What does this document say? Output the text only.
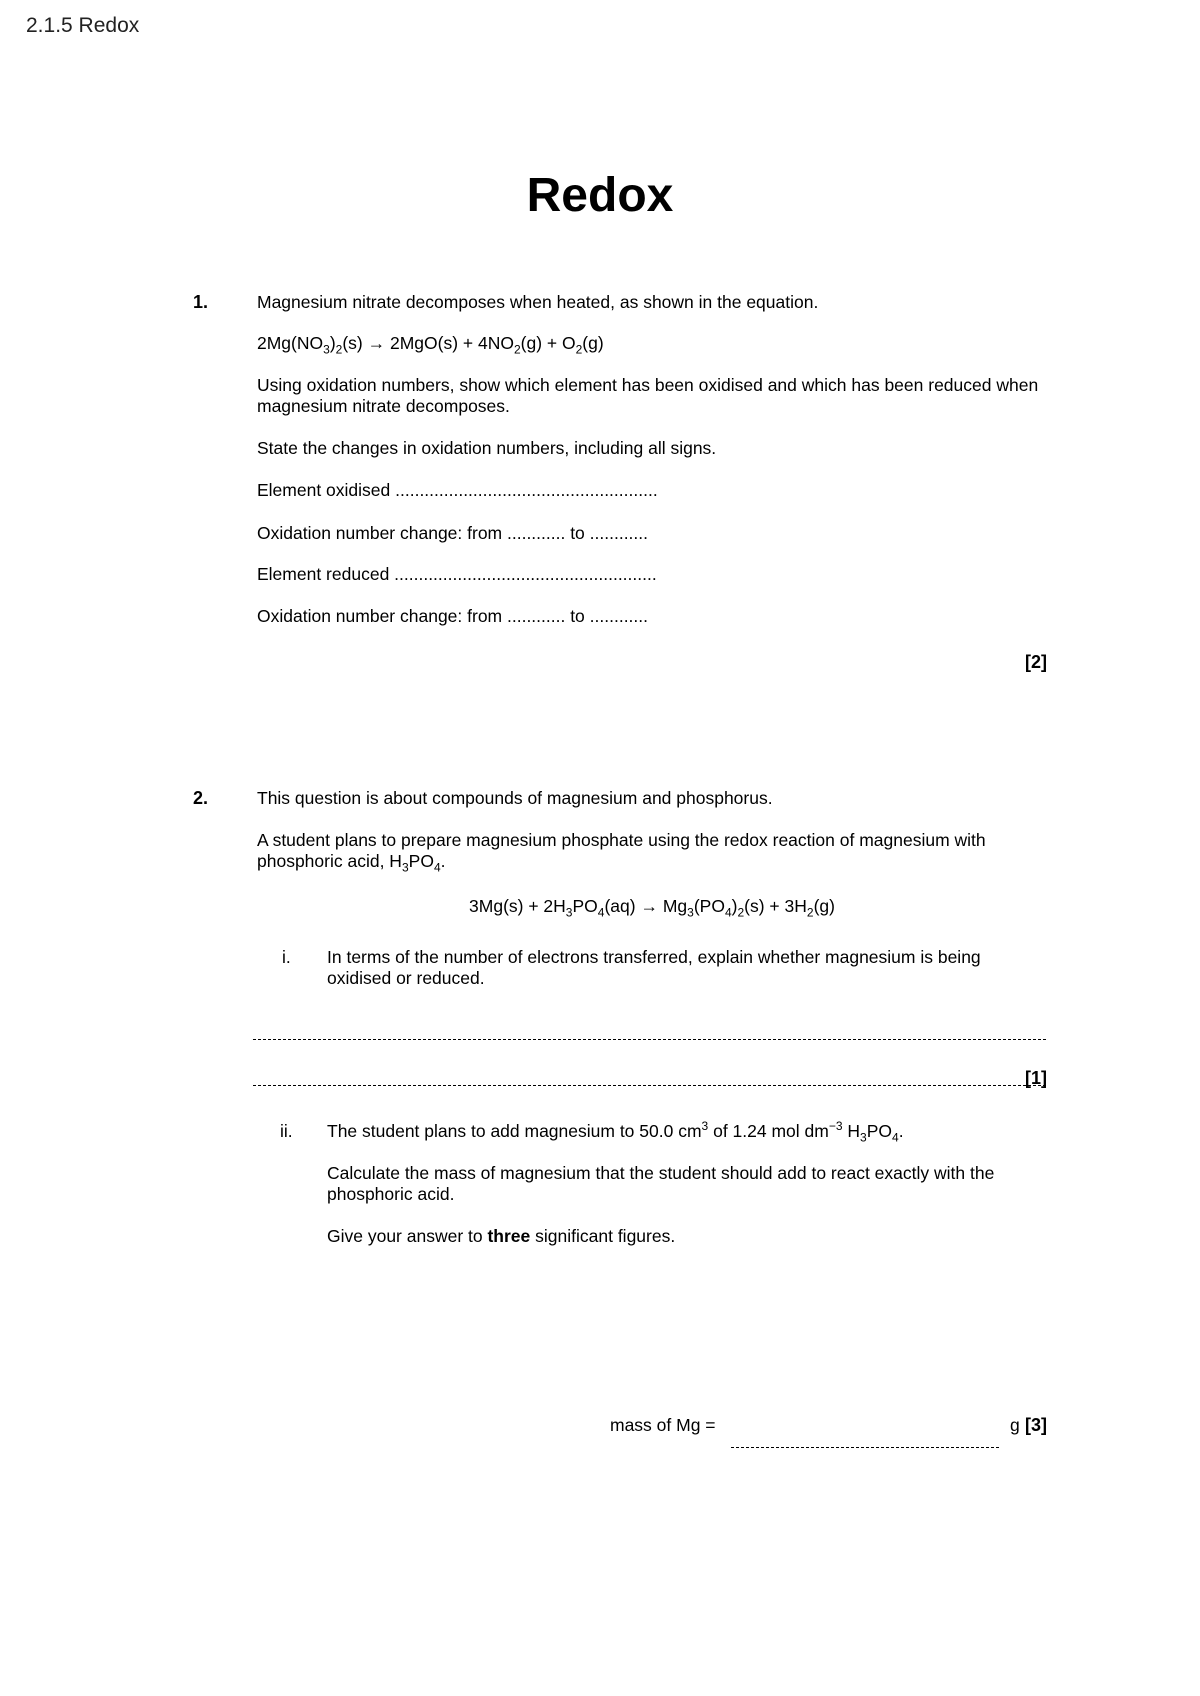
2.1.5 Redox
Redox
1.	Magnesium nitrate decomposes when heated, as shown in the equation.
$2Mg(NO_3)_2(s) \to 2MgO(s) + 4NO_2(g) + O_2(g)$
Using oxidation numbers, show which element has been oxidised and which has been reduced when magnesium nitrate decomposes.
State the changes in oxidation numbers, including all signs.
Element oxidised ......................................................
Oxidation number change: from ............ to ............
Element reduced ......................................................
Oxidation number change: from ............ to ............
[2]
2.	This question is about compounds of magnesium and phosphorus.
A student plans to prepare magnesium phosphate using the redox reaction of magnesium with phosphoric acid, $H_3PO_4$.
$3Mg(s) + 2H_3PO_4(aq) \to Mg_3(PO_4)_2(s) + 3H_2(g)$
i. In terms of the number of electrons transferred, explain whether magnesium is being oxidised or reduced.
[1]
ii. The student plans to add magnesium to 50.0 $cm^3$ of 1.24 mol $dm^{-3}$ $H_3PO_4$.
Calculate the mass of magnesium that the student should add to react exactly with the phosphoric acid.
Give your answer to three significant figures.
mass of Mg =	g [3]
